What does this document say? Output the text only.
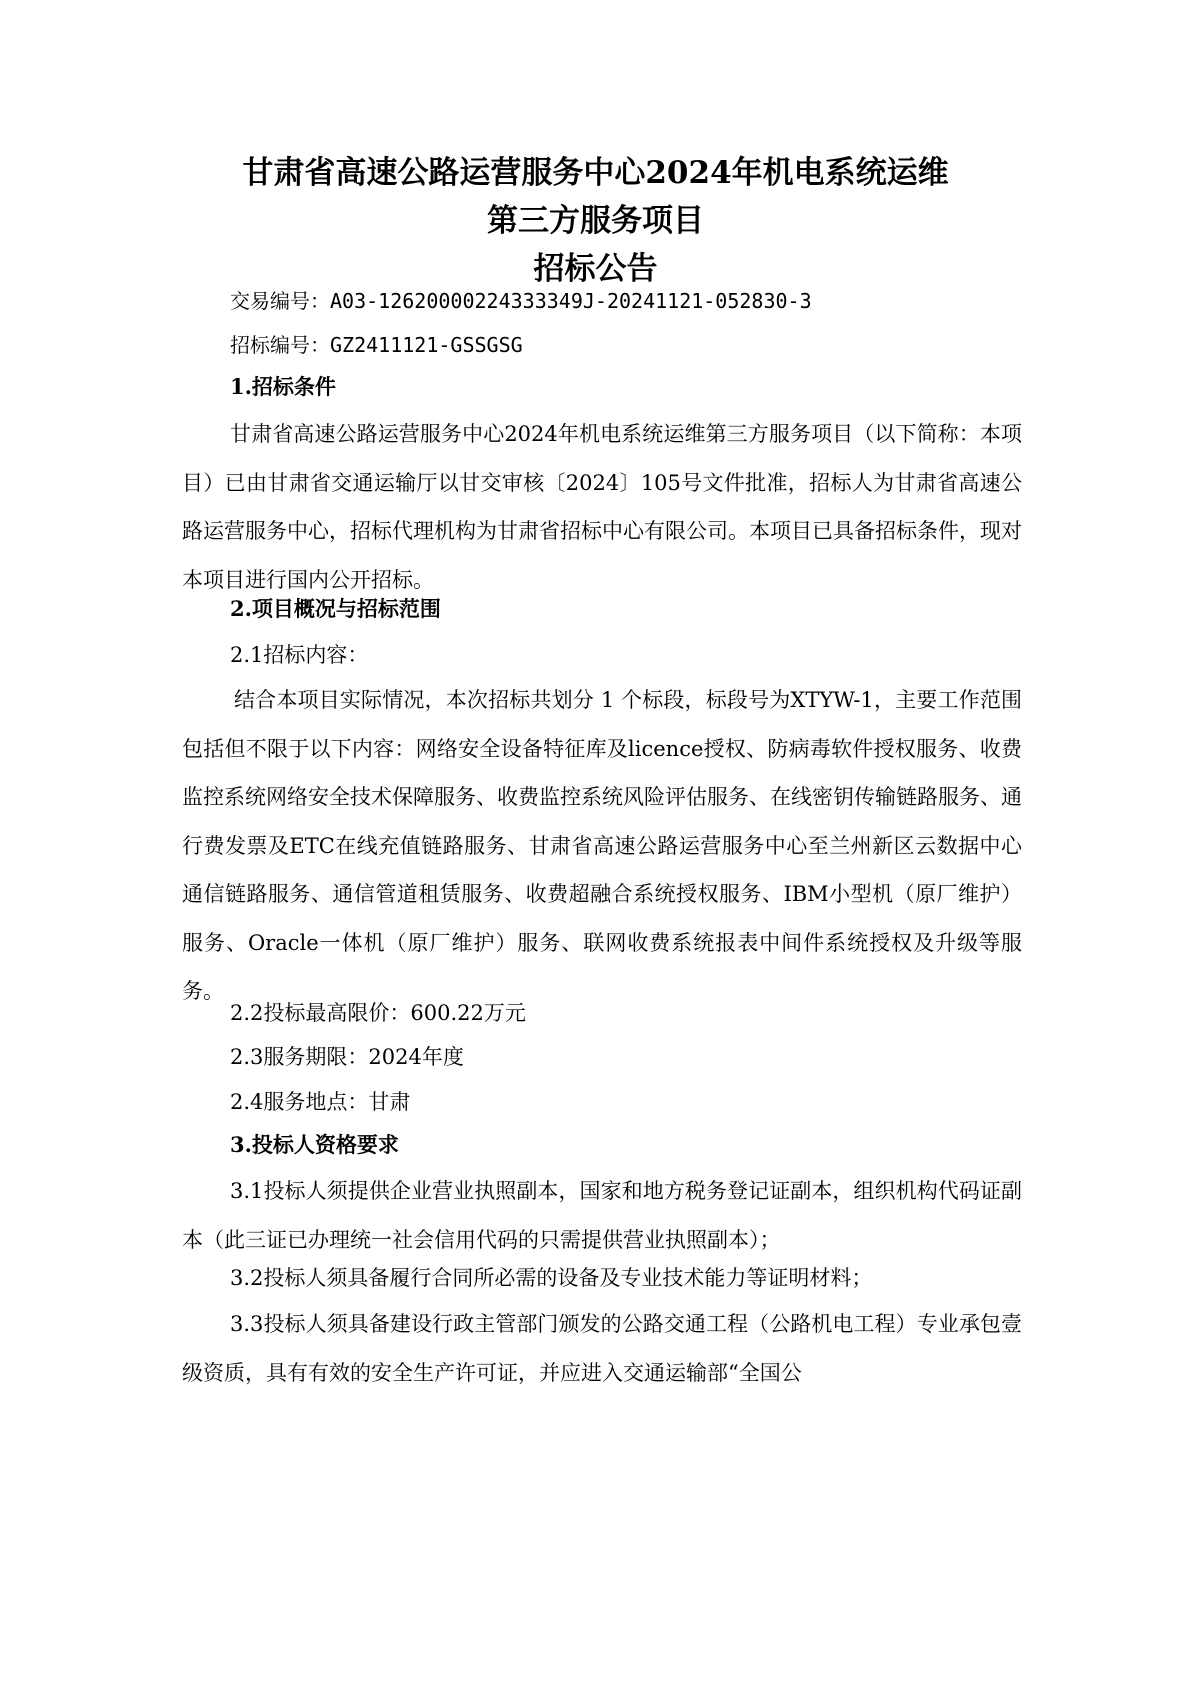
甘肃省高速公路运营服务中心2024年机电系统运维
第三方服务项目
招标公告
交易编号：A03-12620000224333349J-20241121-052830-3
招标编号：GZ2411121-GSSGSG
1.招标条件
甘肃省高速公路运营服务中心2024年机电系统运维第三方服务项目（以下简称：本项目）已由甘肃省交通运输厅以甘交审核〔2024〕105号文件批准，招标人为甘肃省高速公路运营服务中心，招标代理机构为甘肃省招标中心有限公司。本项目已具备招标条件，现对本项目进行国内公开招标。
2.项目概况与招标范围
2.1招标内容：
结合本项目实际情况，本次招标共划分 1 个标段，标段号为XTYW-1，主要工作范围包括但不限于以下内容：网络安全设备特征库及licence授权、防病毒软件授权服务、收费监控系统网络安全技术保障服务、收费监控系统风险评估服务、在线密钥传输链路服务、通行费发票及ETC在线充值链路服务、甘肃省高速公路运营服务中心至兰州新区云数据中心通信链路服务、通信管道租赁服务、收费超融合系统授权服务、IBM小型机（原厂维护）服务、Oracle一体机（原厂维护）服务、联网收费系统报表中间件系统授权及升级等服务。
2.2投标最高限价：600.22万元
2.3服务期限：2024年度
2.4服务地点：甘肃
3.投标人资格要求
3.1投标人须提供企业营业执照副本，国家和地方税务登记证副本，组织机构代码证副本（此三证已办理统一社会信用代码的只需提供营业执照副本）；
3.2投标人须具备履行合同所必需的设备及专业技术能力等证明材料；
3.3投标人须具备建设行政主管部门颁发的公路交通工程（公路机电工程）专业承包壹级资质，具有有效的安全生产许可证，并应进入交通运输部“全国公
